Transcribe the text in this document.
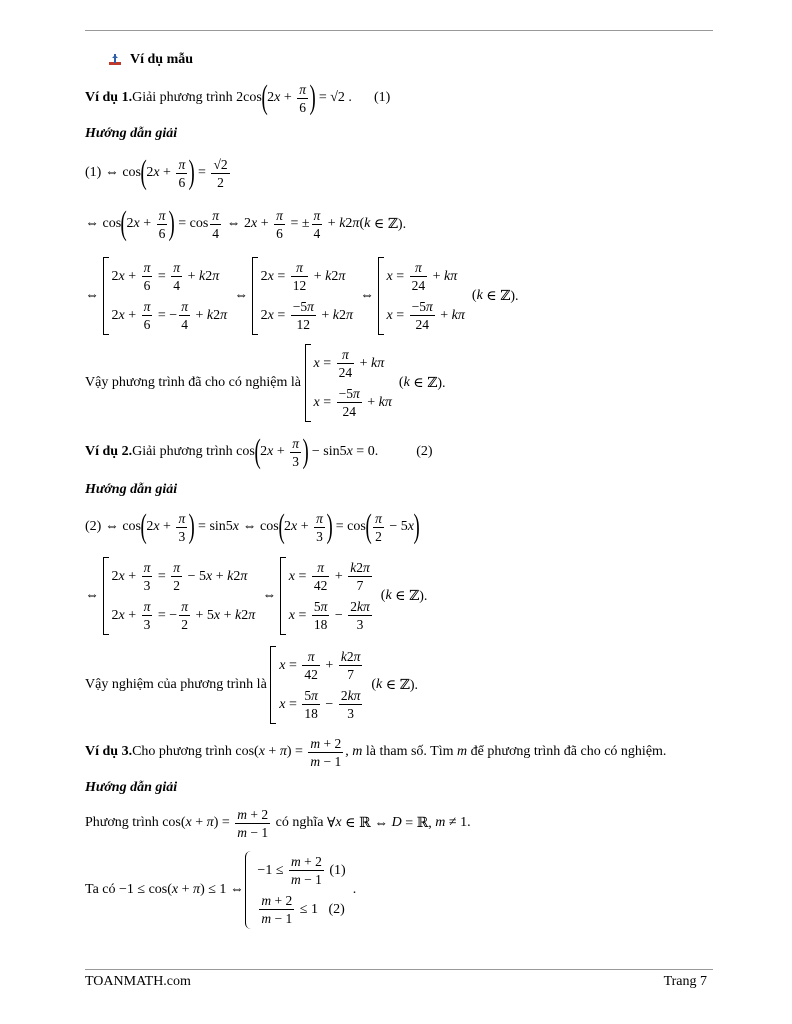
Ví dụ mẫu
Ví dụ 1. Giải phương trình 2cos ( 2 $x + \frac{\pi}{6}$ ) = √2 . (1)
Hướng dẫn giải
(1) ⇔ cos ( 2 $x + \frac{\pi}{6}$ ) = $\frac{√2}{2}$
⇔ cos ( 2 $x + \frac{\pi}{6}$ ) = $\cos \frac{\pi}{4}$ ⇔ 2 $x + \frac{\pi}{6}$ = ± $\frac{\pi}{4} + k$ 2 π ( k ∈ ℤ).
⇔
2 $x + \frac{\pi}{6} = \frac{\pi}{4} + k$ 2 π
2 $x + \frac{\pi}{6}$ = − $\frac{\pi}{4} + k$ 2 π
⇔
2 $x = \frac{\pi}{12} + k$ 2 π
2 $x = \frac{-5\pi}{12} + k$ 2 π
⇔
$x = \frac{\pi}{24} + k\pi$
$x = \frac{-5\pi}{24} + k\pi$
( k ∈ ℤ).
Vậy phương trình đã cho có nghiệm là

$x = \frac{\pi}{24} + k\pi$
$x = \frac{-5\pi}{24} + k\pi$
( k ∈ ℤ).
Ví dụ 2. Giải phương trình cos ( 2 $x + \frac{\pi}{3}$ ) − sin5 x = 0.	(2)
Hướng dẫn giải
(2) ⇔ cos ( 2 $x + \frac{\pi}{3}$ ) = sin5 x ⇔ cos ( 2 $x + \frac{\pi}{3}$ ) = cos ( $\frac{\pi}{2} - 5$ x )
⇔
2 $x + \frac{\pi}{3} = \frac{\pi}{2} - 5$ x + k 2 π
2 $x + \frac{\pi}{3}$ = − $\frac{\pi}{2} + 5$ x + k 2 π
⇔
$x = \frac{\pi}{42} + \frac{k2\pi}{7}$
$x = \frac{5\pi}{18} - \frac{2k\pi}{3}$
( k ∈ ℤ).
Vậy nghiệm của phương trình là

$x = \frac{\pi}{42} + \frac{k2\pi}{7}$
$x = \frac{5\pi}{18} - \frac{2k\pi}{3}$
( k ∈ ℤ).
Ví dụ 3. Cho phương trình cos( x + π ) = $\frac{m + 2}{m - 1}$ , m
là tham số. Tìm
m
để phương trình đã cho có nghiệm.
Hướng dẫn giải
Phương trình cos( x + π ) = $\frac{m + 2}{m - 1}$
có nghĩa ∀ x ∈ ℝ ⇔ D = ℝ, m ≠ 1.
Ta có −1 ≤ cos( x + π ) ≤ 1 ⇔
$-1 \le \frac{m + 2}{m - 1} (1)$
$\frac{m + 2}{m - 1} \le 1$   (2)
.
TOANMATH.com	Trang 7
